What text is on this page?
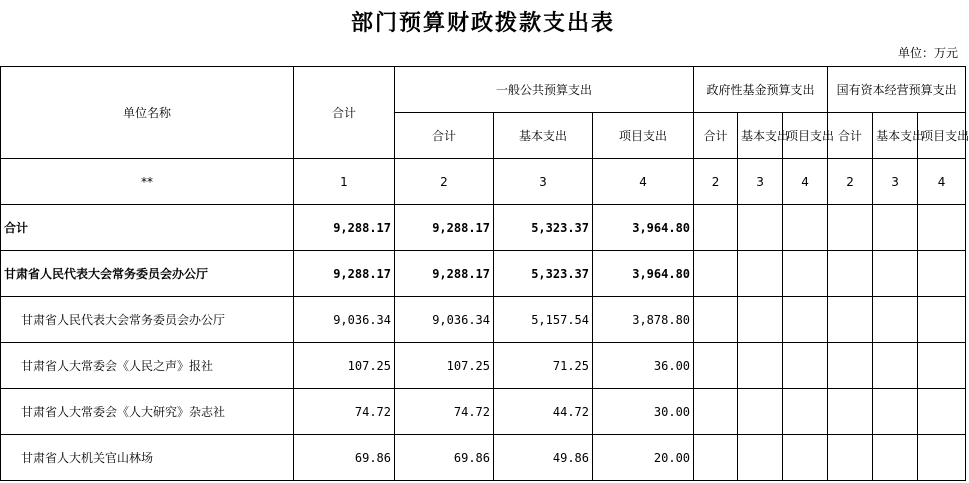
部门预算财政拨款支出表
单位：万元
单位名称	合计	一般公共预算支出			政府性基金预算支出			国有资本经营预算支出		
		合计	基本支出	项目支出	合计	基本支出	项目支出	合计	基本支出	项目支出
**	1	2	3	4	2	3	4	2	3	4
合计	9,288.17	9,288.17	5,323.37	3,964.80						
甘肃省人民代表大会常务委员会办公厅	9,288.17	9,288.17	5,323.37	3,964.80						
甘肃省人民代表大会常务委员会办公厅	9,036.34	9,036.34	5,157.54	3,878.80						
甘肃省人大常委会《人民之声》报社	107.25	107.25	71.25	36.00						
甘肃省人大常委会《人大研究》杂志社	74.72	74.72	44.72	30.00						
甘肃省人大机关官山林场	69.86	69.86	49.86	20.00						
